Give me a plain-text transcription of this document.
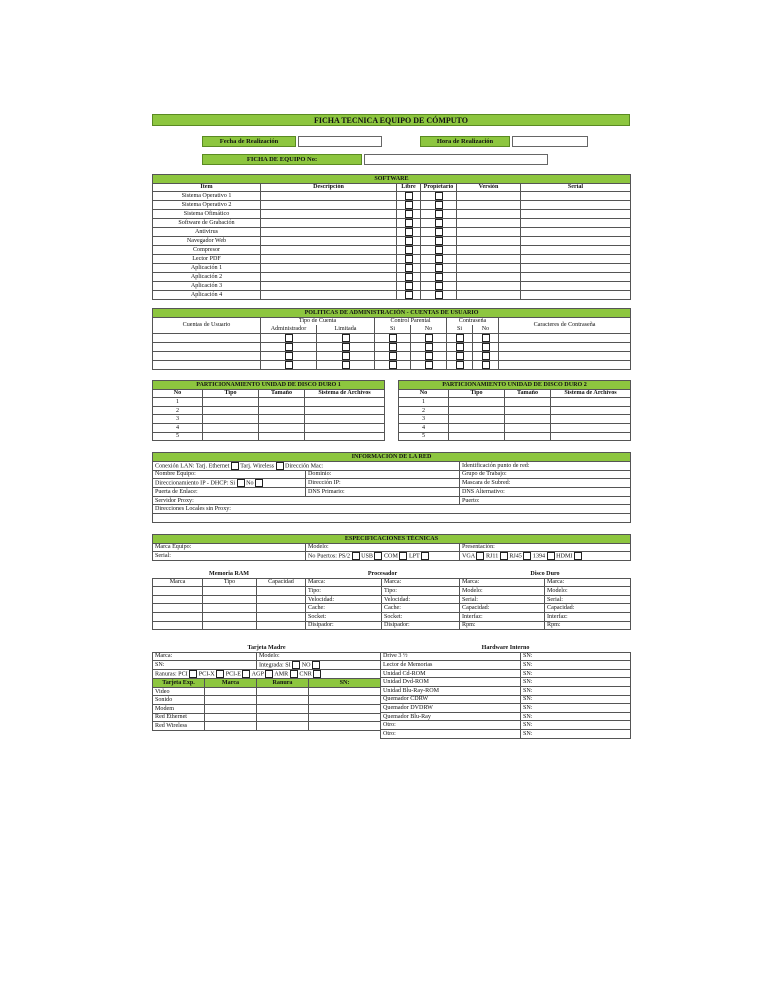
FICHA TECNICA EQUIPO DE CÓMPUTO
Fecha de Realización	Hora de Realización
FICHA DE EQUIPO No:
SOFTWARE					
Ítem	Descripción	Libre	Propietario	Versión	Serial
Sistema Operativo 1					
Sistema Operativo 2					
Sistema Ofimático					
Software de Grabación					
Antivirus					
Navegador Web					
Compresor					
Lector PDF					
Aplicación 1					
Aplicación 2					
Aplicación 3					
Aplicación 4					
POLITICAS DE ADMINISTRACIÓN - CUENTAS DE USUARIO							
Cuentas de Usuario	Tipo de Cuenta		Control Parental		Contraseña		Caracteres de Contraseña
	Administrador	Limitada	Si	No	Si	No	

PARTICIONAMIENTO UNIDAD DE DISCO DURO 1			
No	Tipo	Tamaño	Sistema de Archivos
1			
2			
3			
4			
5			
PARTICIONAMIENTO UNIDAD DE DISCO DURO 2			
No	Tipo	Tamaño	Sistema de Archivos
1			
2			
3			
4			
5			
INFORMACIÓN DE LA RED		
Conexión LAN: Tarj. Ethernet Tarj. Wireless Dirección Mac:		Identificación punto de red:
Nombre Equipo:	Dominio:	Grupo de Trabajo:
Direccionamiento IP - DHCP: Si No	Dirección IP:	Mascara de Subred:
Puerta de Enlace:	DNS Primario:	DNS Alternativo:
Servidor Proxy:		Puerto:
Direcciones Locales sin Proxy:		

ESPECIFICACIONES TÉCNICAS		
Marca Equipo:	Modelo:	Presentación:
Serial:	No Puertos: PS/2 USB COM LPT	VGA RJ11 RJ45 1394 HDMI
Memoria RAM			Procesador		Disco Duro	
Marca	Tipo	Capacidad	Marca:	Marca:	Marca:	Marca:
			Tipo:	Tipo:	Modelo:	Modelo:
			Velocidad:	Velocidad:	Serial:	Serial:
			Cache:	Cache:	Capacidad:	Capacidad:
			Socket:	Socket:	Interfaz:	Interfaz:
			Disipador:	Disipador:	Rpm:	Rpm:
Tarjeta Madre			
Marca:		Modelo:	
SN:		Integrada: SI NO	
Ranuras: PCI PCI-X PCI-E AGP AMR CNR			
Tarjeta Exp.	Marca	Ranura	SN:
Video			
Sonido			
Modem			
Red Ethernet			
Red Wireless			
Hardware Interno	
Drive 3 ½	SN:
Lector de Memorias	SN:
Unidad Cd-ROM	SN:
Unidad Dvd-ROM	SN:
Unidad Blu-Ray-ROM	SN:
Quemador CDRW	SN:
Quemador DVDRW	SN:
Quemador Blu-Ray	SN:
Otro:	SN:
Otro:	SN:
